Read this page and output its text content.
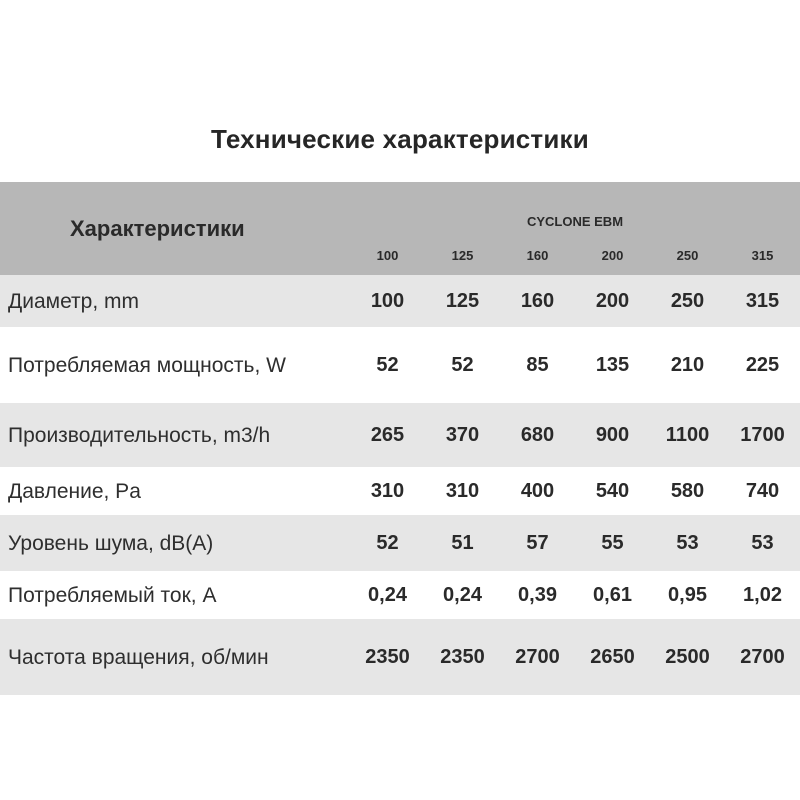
Технические характеристики
Характеристики	CYCLONE EBM					
	100	125	160	200	250	315
Диаметр, mm	100	125	160	200	250	315
Потребляемая мощность, W	52	52	85	135	210	225
Производительность, m3/h	265	370	680	900	1100	1700
Давление, Pa	310	310	400	540	580	740
Уровень шума, dB(A)	52	51	57	55	53	53
Потребляемый ток, A	0,24	0,24	0,39	0,61	0,95	1,02
Частота вращения, об/мин	2350	2350	2700	2650	2500	2700
